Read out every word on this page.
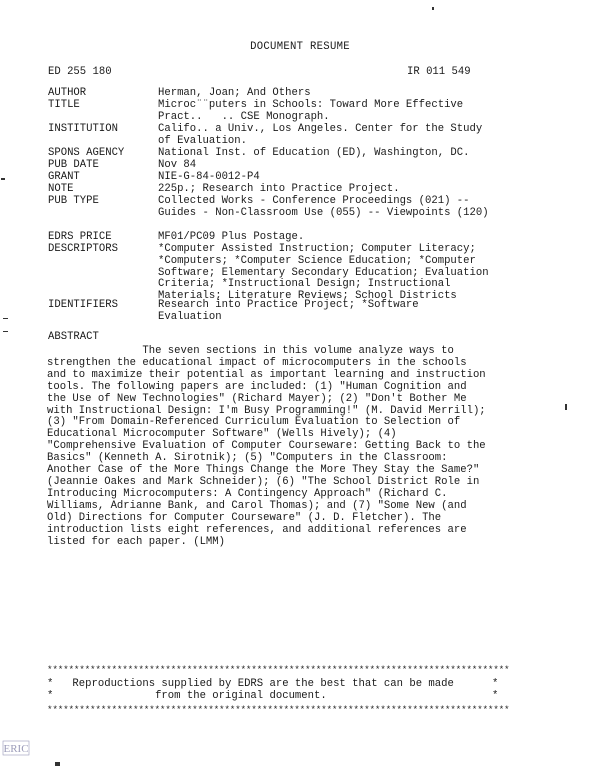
DOCUMENT RESUME
ED 255 180	IR 011 549
AUTHOR	Herman, Joan; And Others
TITLE	Microc¨¨puters in Schools: Toward More Effective
Pract..   .. CSE Monograph.
INSTITUTION	Califo.. a Univ., Los Angeles. Center for the Study
of Evaluation.
SPONS AGENCY	National Inst. of Education (ED), Washington, DC.
PUB DATE	Nov 84
GRANT	NIE-G-84-0012-P4
NOTE	225p.; Research into Practice Project.
PUB TYPE	Collected Works - Conference Proceedings (021) --
Guides - Non-Classroom Use (055) -- Viewpoints (120)
EDRS PRICE	MF01/PC09 Plus Postage.
DESCRIPTORS	*Computer Assisted Instruction; Computer Literacy;
*Computers; *Computer Science Education; *Computer
Software; Elementary Secondary Education; Evaluation
Criteria; *Instructional Design; Instructional
Materials; Literature Reviews; School Districts
IDENTIFIERS	Research into Practice Project; *Software
Evaluation
ABSTRACT
The seven sections in this volume analyze ways to
strengthen the educational impact of microcomputers in the schools
and to maximize their potential as important learning and instruction
tools. The following papers are included: (1) "Human Cognition and
the Use of New Technologies" (Richard Mayer); (2) "Don't Bother Me
with Instructional Design: I'm Busy Programming!" (M. David Merrill);
(3) "From Domain-Referenced Curriculum Evaluation to Selection of
Educational Microcomputer Software" (Wells Hively); (4)
"Comprehensive Evaluation of Computer Courseware: Getting Back to the
Basics" (Kenneth A. Sirotnik); (5) "Computers in the Classroom:
Another Case of the More Things Change the More They Stay the Same?"
(Jeannie Oakes and Mark Schneider); (6) "The School District Role in
Introducing Microcomputers: A Contingency Approach" (Richard C.
Williams, Adrianne Bank, and Carol Thomas); and (7) "Some New (and
Old) Directions for Computer Courseware" (J. D. Fletcher). The
introduction lists eight references, and additional references are
listed for each paper. (LMM)
**************************************************************************************
*   Reproductions supplied by EDRS are the best that can be made      *
*                from the original document.                          *
**************************************************************************************
ERIC
